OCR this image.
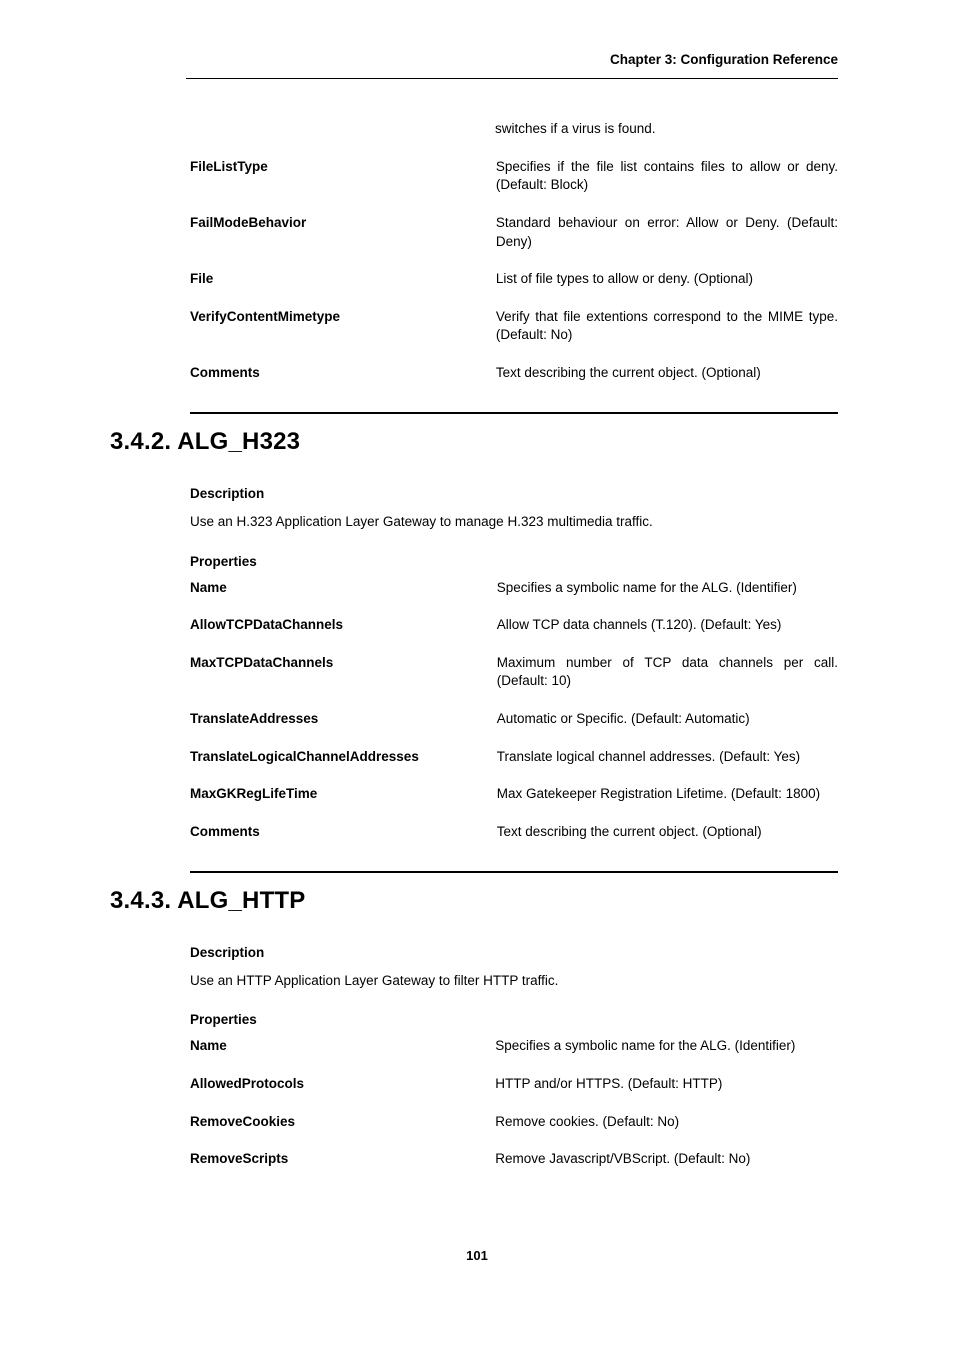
Chapter 3: Configuration Reference
	switches if a virus is found.
FileListType	Specifies if the file list contains files to allow or deny. (Default: Block)
FailModeBehavior	Standard behaviour on error: Allow or Deny. (Default: Deny)
File	List of file types to allow or deny. (Optional)
VerifyContentMimetype	Verify that file extentions correspond to the MIME type. (Default: No)
Comments	Text describing the current object. (Optional)
3.4.2. ALG_H323
Description

Use an H.323 Application Layer Gateway to manage H.323 multimedia traffic.

Properties
Name	Specifies a symbolic name for the ALG. (Identifier)
AllowTCPDataChannels	Allow TCP data channels (T.120). (Default: Yes)
MaxTCPDataChannels	Maximum number of TCP data channels per call. (Default: 10)
TranslateAddresses	Automatic or Specific. (Default: Automatic)
TranslateLogicalChannelAddresses	Translate logical channel addresses. (Default: Yes)
MaxGKRegLifeTime	Max Gatekeeper Registration Lifetime. (Default: 1800)
Comments	Text describing the current object. (Optional)
3.4.3. ALG_HTTP
Description

Use an HTTP Application Layer Gateway to filter HTTP traffic.

Properties
Name	Specifies a symbolic name for the ALG. (Identifier)
AllowedProtocols	HTTP and/or HTTPS. (Default: HTTP)
RemoveCookies	Remove cookies. (Default: No)
RemoveScripts	Remove Javascript/VBScript. (Default: No)
101
